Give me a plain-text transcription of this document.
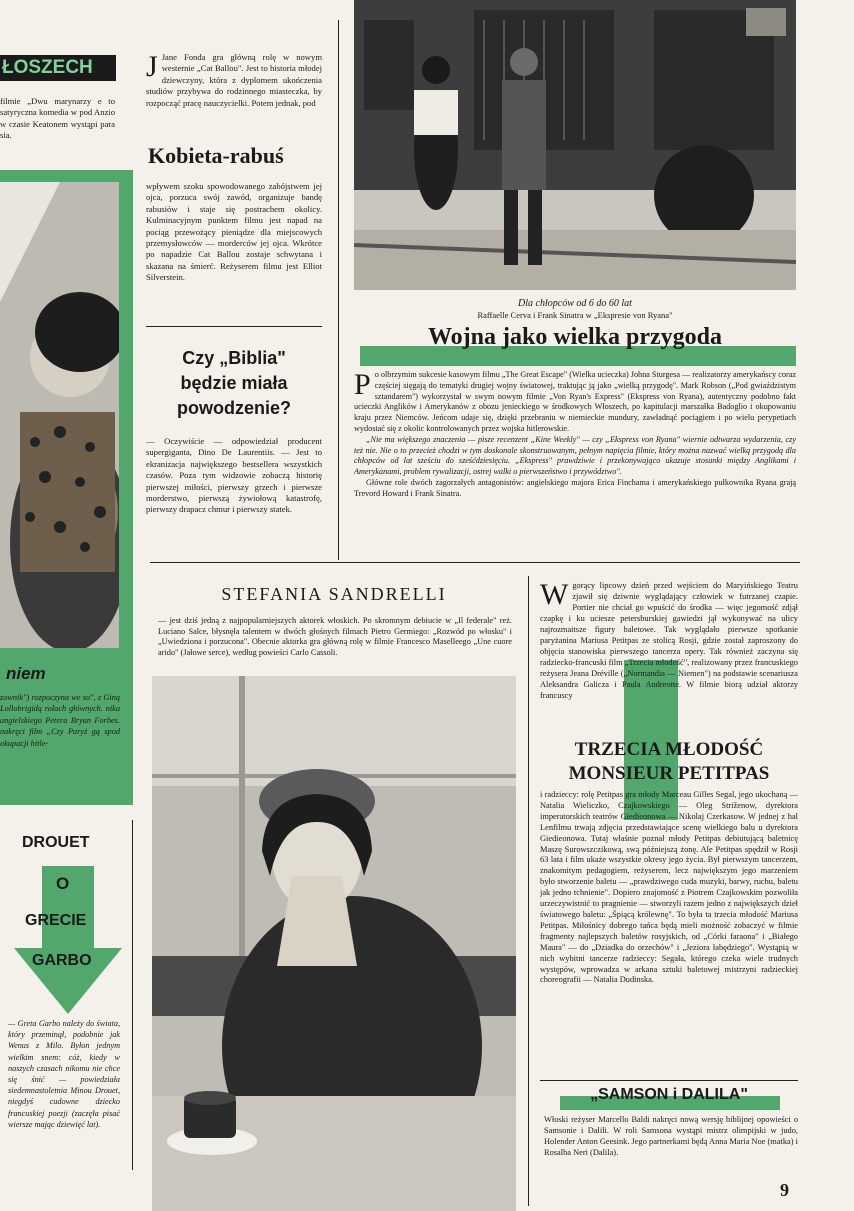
ŁOSZECH

filmie „Dwu marynarzy e to satyryczna komedia w pod Anzio w czasie Keatonem wystąpi para sia.

niem

zownik") rozpoczyna we so", z Giną Lollobrigidą rolach głównych. nika angielskiego Petera Bryan Forbes. nakręci film „Czy Paryż gą spod okupacji hitle-

DROUET
O
GRECIE
GARBO

— Greta Garbo należy do świata, który przeminął, podobnie jak Wenus z Milo. Byłon jednym wielkim snem: cóż, kiedy w naszych czasach nikomu nie chce się śnić — powiedziała siedemnastoletnia Minou Drouet, niegdyś cudowne dziecko francuskiej poezji (zaczęła pisać wiersze mając dziewięć lat).

J Jane Fonda gra główną rolę w nowym westernie „Cat Ballou". Jest to historia młodej dziewczyny, która z dyplomem ukończenia studiów przybywa do rodzinnego miasteczka, by rozpocząć pracę nauczycielki. Potem jednak, pod

Kobieta-rabuś

wpływem szoku spowodowanego zabójstwem jej ojca, porzuca swój zawód, organizuje bandę rabusiów i staje się postrachem okolicy. Kulminacyjnym punktem filmu jest napad na pociąg przewożący pieniądze dla miejscowych przemysłowców — morderców jej ojca. Wkrótce po napadzie Cat Ballou zostaje schwytana i skazana na śmierć. Reżyserem filmu jest Elliot Silverstein.

Czy „Biblia"
będzie miała
powodzenie?

— Oczywiście — odpowiedział producent supergiganta, Dino De Laurentiis. — Jest to ekranizacja największego bestsellera wszystkich czasów. Poza tym widzowie zobaczą historię pierwszej miłości, pierwszy grzech i pierwsze morderstwo, pierwszą żywiołową katastrofę, pierwszy drapacz chmur i pierwszy statek.

Dla chłopców od 6 do 60 lat
Raffaelle Cerva i Frank Sinatra w „Ekspresie von Ryana"
Wojna jako wielka przygoda

Po olbrzymim sukcesie kasowym filmu „The Great Escape" (Wielka ucieczka) Johna Sturgesa — realizatorzy amerykańscy coraz częściej sięgają do tematyki drugiej wojny światowej, traktując ją jako „wielką przygodę". Mark Robson („Pod gwiaździstym sztandarem") wykorzystał w swym nowym filmie „Von Ryan's Express" (Ekspress von Ryana), autentyczny podobno fakt ucieczki Anglików i Amerykanów z obozu jenieckiego w środkowych Włoszech, po kapitulacji marszałka Badoglio i okupowaniu kraju przez Niemców. Jeńcom udaje się, dzięki przebraniu w niemieckie mundury, zawładnąć pociągiem i po wielu perypetiach wydostać się z okolic kontrolowanych przez wojska hitlerowskie.

„Nie ma większego znaczenia — pisze recenzent „Kine Weekly" — czy „Ekspress von Ryana" wiernie odtwarza wydarzenia, czy też nie. Nie o to przecież chodzi w tym doskonale skonstruowanym, pełnym napięcia filmie, który można nazwać wielką przygodą dla chłopców od lat sześciu do sześćdziesięciu. „Ekspress" prawdziwie i przekonywająco ukazuje stosunki między Anglikami i Amerykanami, problem rywalizacji, ostrej walki o pierwszeństwo i przywództwo".

Główne role dwóch zagorzałych antagonistów: angielskiego majora Erica Finchama i amerykańskiego pułkownika Ryana grają Trevord Howard i Frank Sinatra.

STEFANIA SANDRELLI

— jest dziś jedną z najpopularniejszych aktorek włoskich. Po skromnym debiucie w „Il federale" reż. Luciano Salce, błysnęła talentem w dwóch głośnych filmach Pietro Germiego: „Rozwód po włosku" i „Uwiedziona i porzucona". Obecnie aktorka gra główną rolę w filmie Francesco Maselleego „Une cuore arido" (Jałowe serce), według powieści Carlo Cassoli.

Wgorący lipcowy dzień przed wejściem do Maryińskiego Teatru zjawił się dziwnie wyglądający człowiek w futrzanej czapie. Portier nie chciał go wpuścić do środka — więc jegomość zdjął czapkę i ku uciesze petersburskiej gawiedzi jął wykonywać na ulicy najrozmaitsze figury baletowe. Tak wyglądało pierwsze spotkanie paryżanina Mariusa Petitpas ze stolicą Rosji, gdzie został zaproszony do objęcia stanowiska pierwszego tancerza opery. Tak również zaczyna się radziecko-francuski film „Trzecia młodość", realizowany przez francuskiego reżysera Jeana Dréville („Normandia — Niemen") na podstawie scenariusza Aleksandra Galicza i Paula Andreotte. W filmie biorą udział aktorzy francuscy

TRZECIA MŁODOŚĆ
MONSIEUR PETITPAS

i radzieccy: rolę Petitpas gra młody Marceau Gilles Segal, jego ukochaną — Natalia Wieliczko, Czajkowskiego — Oleg Striženow, dyrektora imperatorskich teatrów Giedieonowa — Nikolaj Czerkasow. W jednej z hal Lenfilmu trwają zdjęcia przedstawiające scenę wielkiego balu u dyrektora Giedieonowa. Tutaj właśnie poznał młody Petitpas debiutującą baletnicę Maszę Surowszczikową, swą późniejszą żonę. Ale Petitpas spędził w Rosji 63 lata i film ukaże wszystkie okresy jego życia. Był pierwszym tancerzem, znakomitym pedagogiem, reżyserem, lecz największym jego marzeniem było stworzenie baletu — „prawdziwego cuda muzyki, barwy, ruchu, baletu jak jedno tchnienie". Dopiero znajomość z Piotrem Czajkowskim pozwoliła urzeczywistnić to pragnienie — stworzyli razem jedno z największych dzieł światowego baletu: „Śpiącą królewnę". To była ta trzecia młodość Mariusa Petitpas. Miłośnicy dobrego tańca będą mieli możność zobaczyć w filmie fragmenty najlepszych baletów rosyjskich, od „Córki faraona" i „Białego Maura" — do „Dziadka do orzechów" i „Jeziora łabędziego". Wystąpią w nich wybitni tancerze radzieccy: Segała, którego czeka wiele trudnych występów, wprowadza w arkana sztuki baletowej mistrzyni radzieckiej choreografii — Natalia Dudinska.

„SAMSON i DALILA"

Włoski reżyser Marcello Baldi nakręci nową wersję biblijnej opowieści o Samsonie i Dalili. W roli Samsona wystąpi mistrz olimpijski w judo, Holender Anton Geesink. Jego partnerkami będą Anna Maria Noe (matka) i Rosalba Neri (Dalila).

9
